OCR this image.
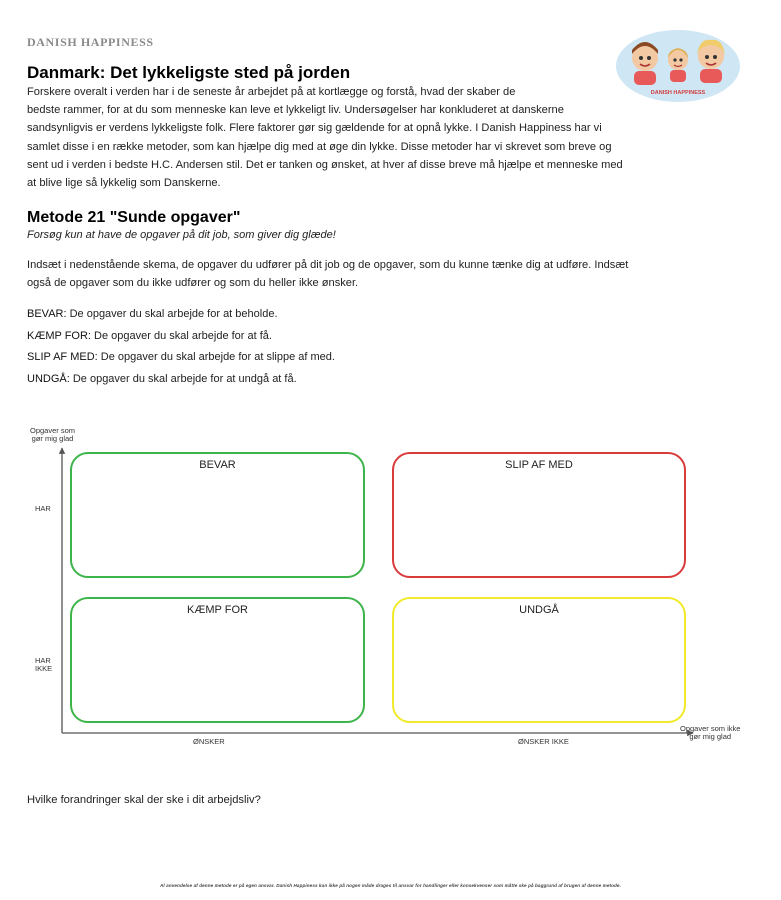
DANISH HAPPINESS
DANISH HAPPINESS
Danmark: Det lykkeligste sted på jorden
Forskere overalt i verden har i de seneste år arbejdet på at kortlægge og forstå, hvad der skaber de
bedste rammer, for at du som menneske kan leve et lykkeligt liv. Undersøgelser har konkluderet at danskerne
sandsynligvis er verdens lykkeligste folk. Flere faktorer gør sig gældende for at opnå lykke. I Danish Happiness har vi
samlet disse i en række metoder, som kan hjælpe dig med at øge din lykke. Disse metoder har vi skrevet som breve og
sent ud i verden i bedste H.C. Andersen stil. Det er tanken og ønsket, at hver af disse breve må hjælpe et menneske med
at blive lige så lykkelig som Danskerne.
Metode 21 "Sunde opgaver"
Forsøg kun at have de opgaver på dit job, som giver dig glæde!
Indsæt i nedenstående skema, de opgaver du udfører på dit job og de opgaver, som du kunne tænke dig at udføre. Indsæt
også de opgaver som du ikke udfører og som du heller ikke ønsker.
BEVAR: De opgaver du skal arbejde for at beholde.
KÆMP FOR: De opgaver du skal arbejde for at få.
SLIP AF MED: De opgaver du skal arbejde for at slippe af med.
UNDGÅ: De opgaver du skal arbejde for at undgå at få.
Opgaver som
gør mig glad
HAR
HAR
IKKE
Opgaver som ikke
gør mig glad
ØNSKER	ØNSKER IKKE
BEVAR	SLIP AF MED
KÆMP FOR	UNDGÅ
Hvilke forandringer skal der ske i dit arbejdsliv?
Al anvendelse af denne metode er på egen ansvar. Danish Happiness kan ikke på nogen måde drages til ansvar for handlinger eller konsekvenser som måtte ske på baggrund af brugen af denne metode.
